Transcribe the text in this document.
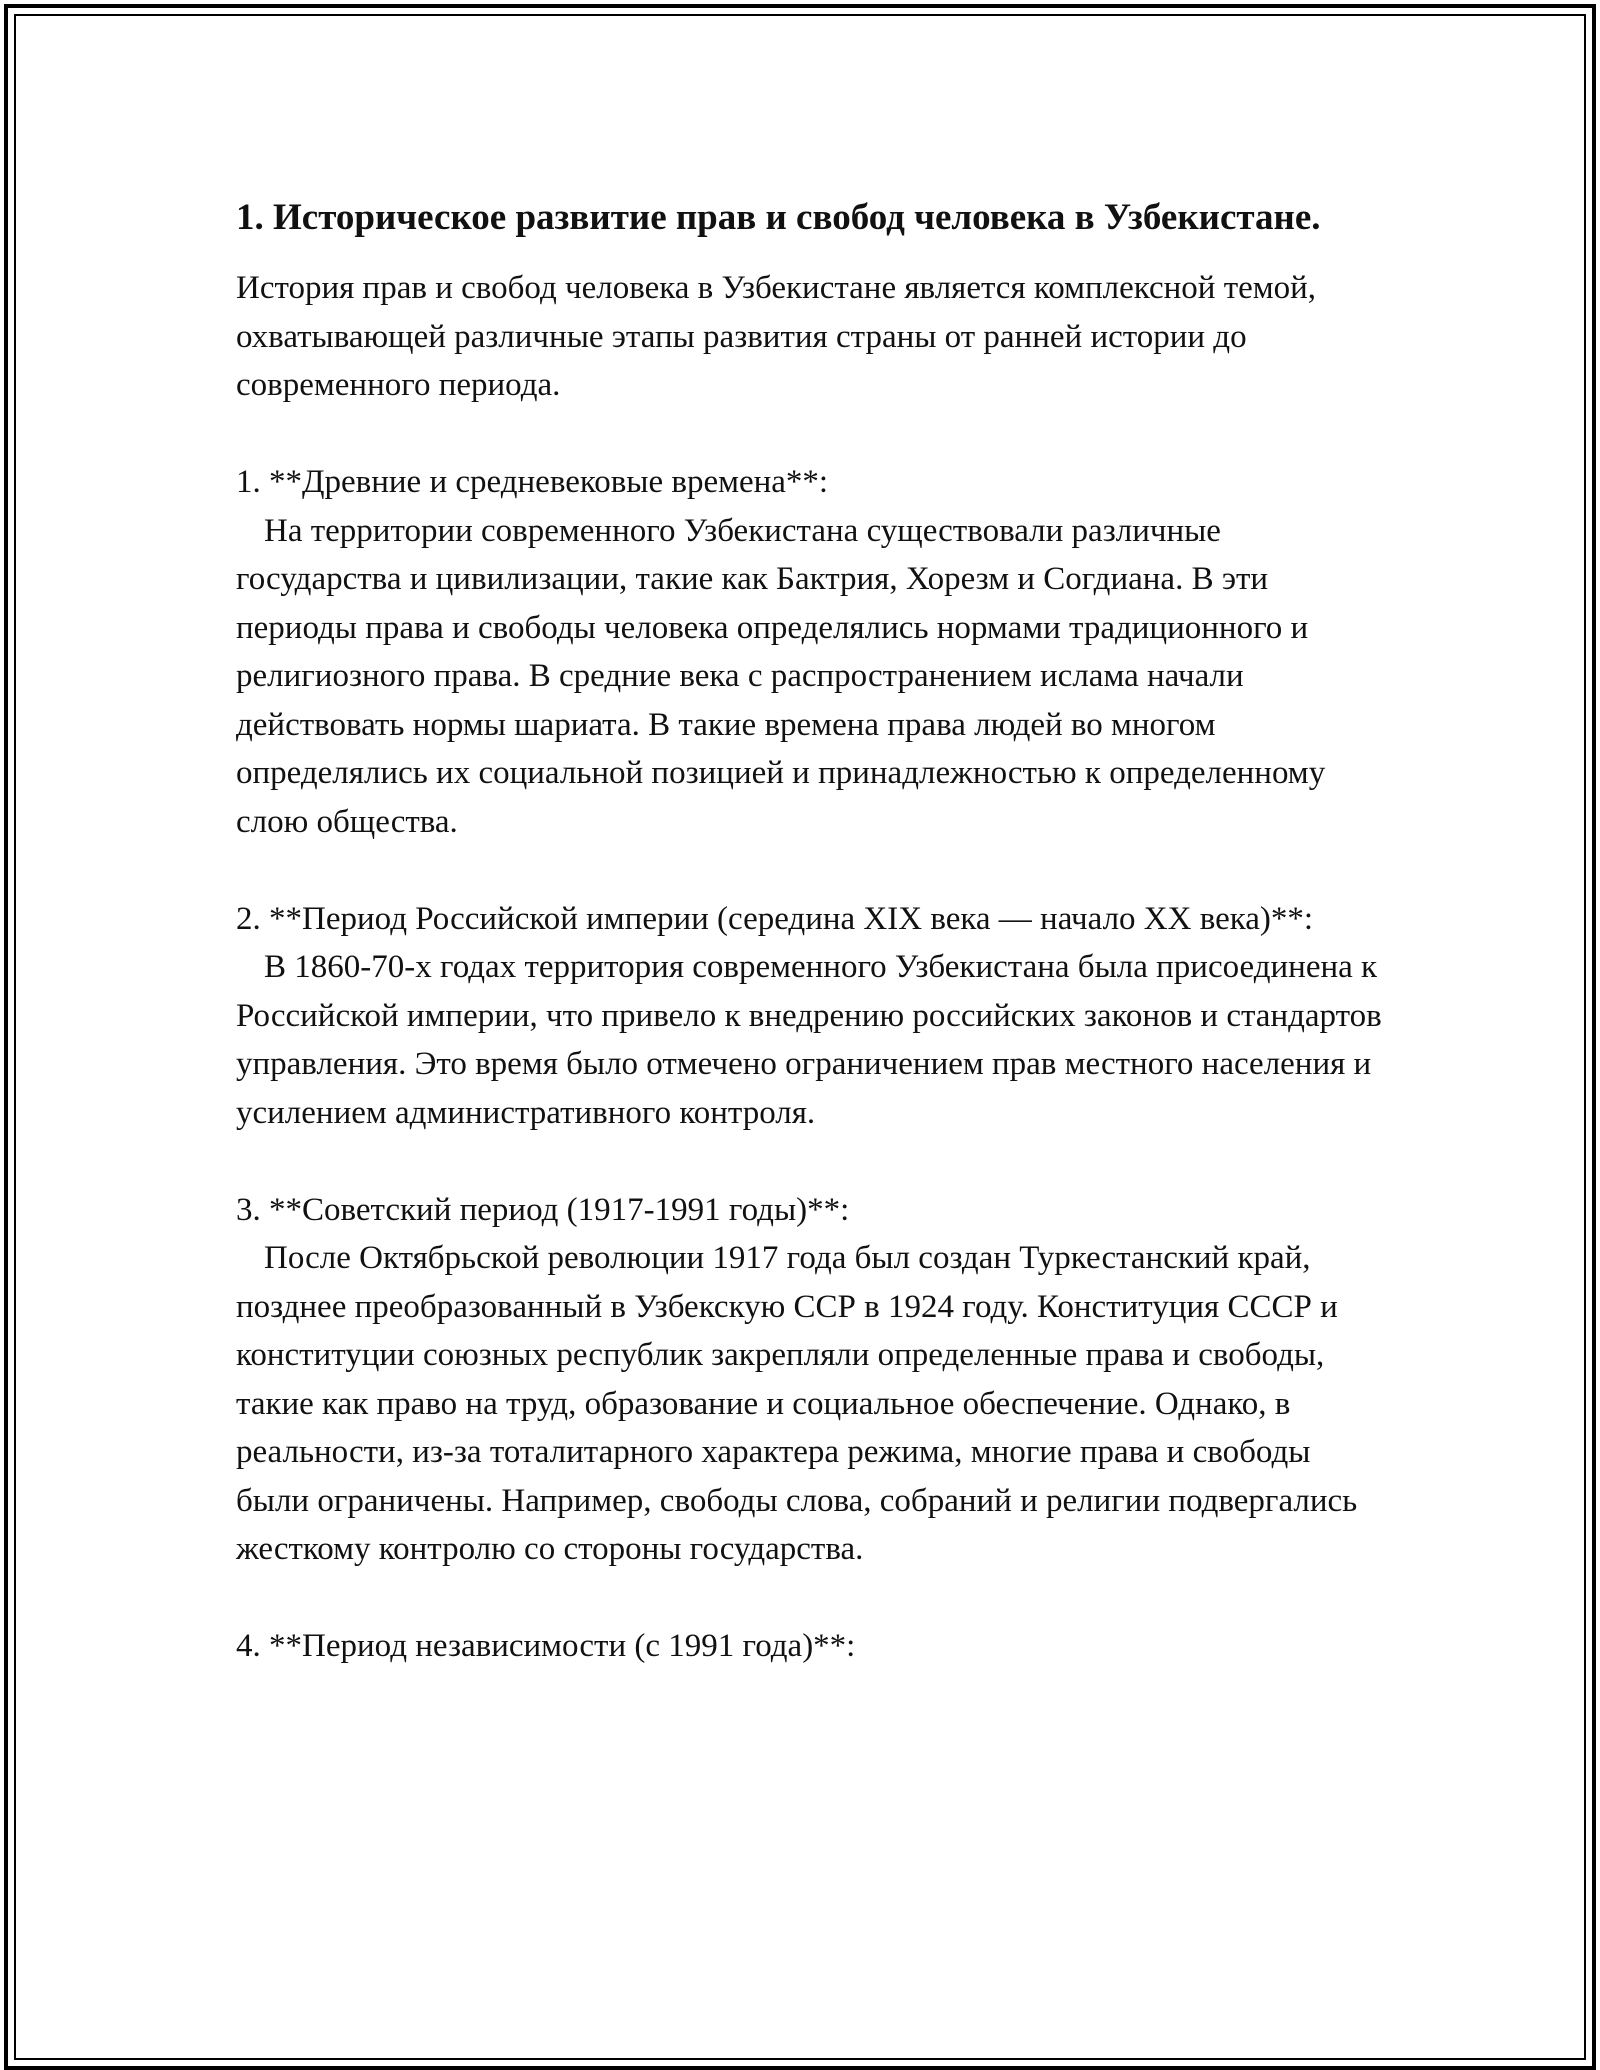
1. Историческое развитие прав и свобод человека в Узбекистане.

История прав и свобод человека в Узбекистане является комплексной темой, охватывающей различные этапы развития страны от ранней истории до современного периода.

1. **Древние и средневековые времена**:
На территории современного Узбекистана существовали различные государства и цивилизации, такие как Бактрия, Хорезм и Согдиана. В эти периоды права и свободы человека определялись нормами традиционного и религиозного права. В средние века с распространением ислама начали действовать нормы шариата. В такие времена права людей во многом определялись их социальной позицией и принадлежностью к определенному слою общества.
2. **Период Российской империи (середина XIX века — начало XX века)**:
В 1860-70-х годах территория современного Узбекистана была присоединена к Российской империи, что привело к внедрению российских законов и стандартов управления. Это время было отмечено ограничением прав местного населения и усилением административного контроля.
3. **Советский период (1917-1991 годы)**:
После Октябрьской революции 1917 года был создан Туркестанский край, позднее преобразованный в Узбекскую ССР в 1924 году. Конституция СССР и конституции союзных республик закрепляли определенные права и свободы, такие как право на труд, образование и социальное обеспечение. Однако, в реальности, из-за тоталитарного характера режима, многие права и свободы были ограничены. Например, свободы слова, собраний и религии подвергались жесткому контролю со стороны государства.
4. **Период независимости (с 1991 года)**:
